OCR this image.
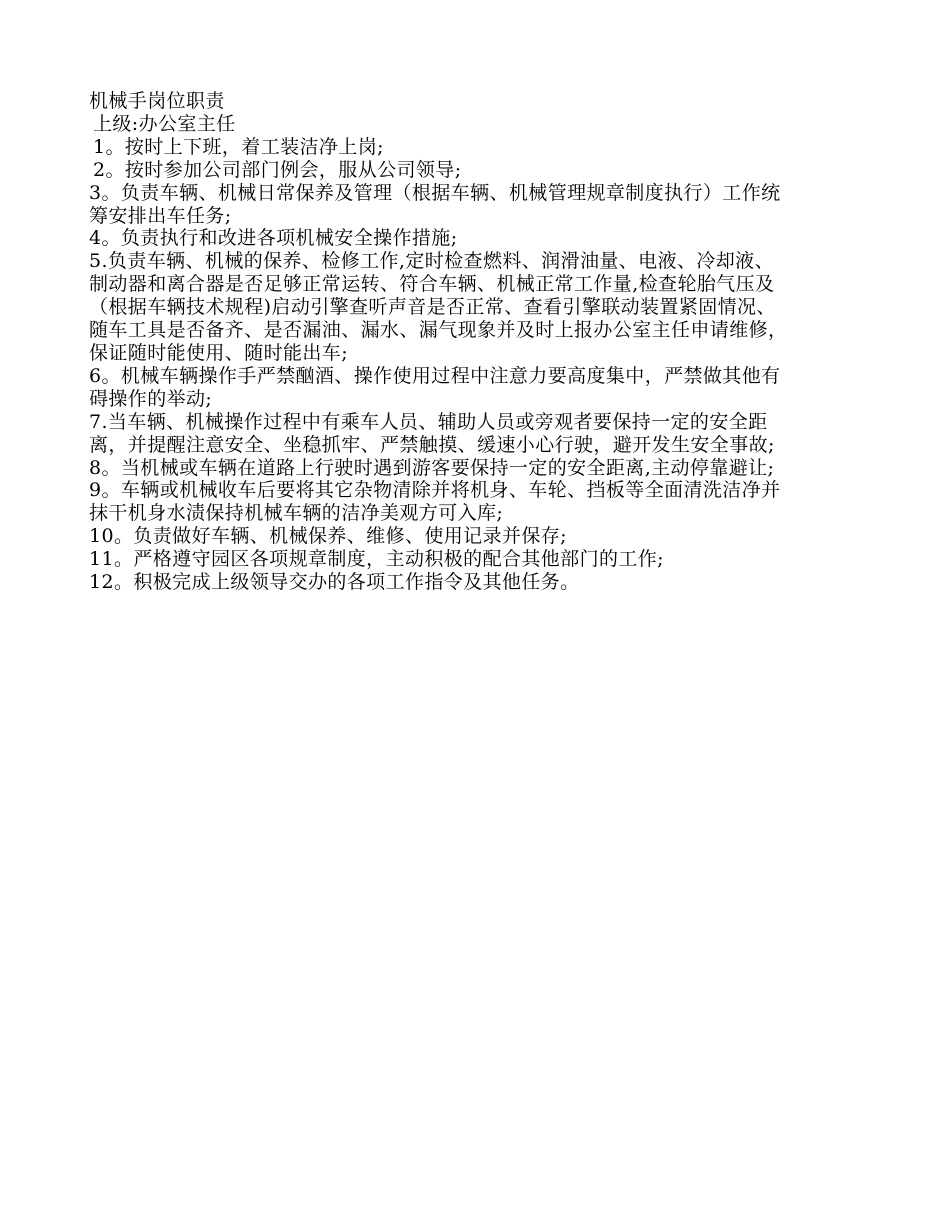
机械手岗位职责
上级:办公室主任
1。按时上下班，着工装洁净上岗;
2。按时参加公司部门例会，服从公司领导;
3。负责车辆、机械日常保养及管理（根据车辆、机械管理规章制度执行）工作统
筹安排出车任务;
4。负责执行和改进各项机械安全操作措施;
5.负责车辆、机械的保养、检修工作,定时检查燃料、润滑油量、电液、冷却液、
制动器和离合器是否足够正常运转、符合车辆、机械正常工作量,检查轮胎气压及
（根据车辆技术规程)启动引擎查听声音是否正常、查看引擎联动装置紧固情况、
随车工具是否备齐、是否漏油、漏水、漏气现象并及时上报办公室主任申请维修，
保证随时能使用、随时能出车;
6。机械车辆操作手严禁酗酒、操作使用过程中注意力要高度集中，严禁做其他有
碍操作的举动;
7.当车辆、机械操作过程中有乘车人员、辅助人员或旁观者要保持一定的安全距
离，并提醒注意安全、坐稳抓牢、严禁触摸、缓速小心行驶，避开发生安全事故;
8。当机械或车辆在道路上行驶时遇到游客要保持一定的安全距离,主动停靠避让;
9。车辆或机械收车后要将其它杂物清除并将机身、车轮、挡板等全面清洗洁净并
抹干机身水渍保持机械车辆的洁净美观方可入库;
10。负责做好车辆、机械保养、维修、使用记录并保存;
11。严格遵守园区各项规章制度，主动积极的配合其他部门的工作;
12。积极完成上级领导交办的各项工作指令及其他任务。
